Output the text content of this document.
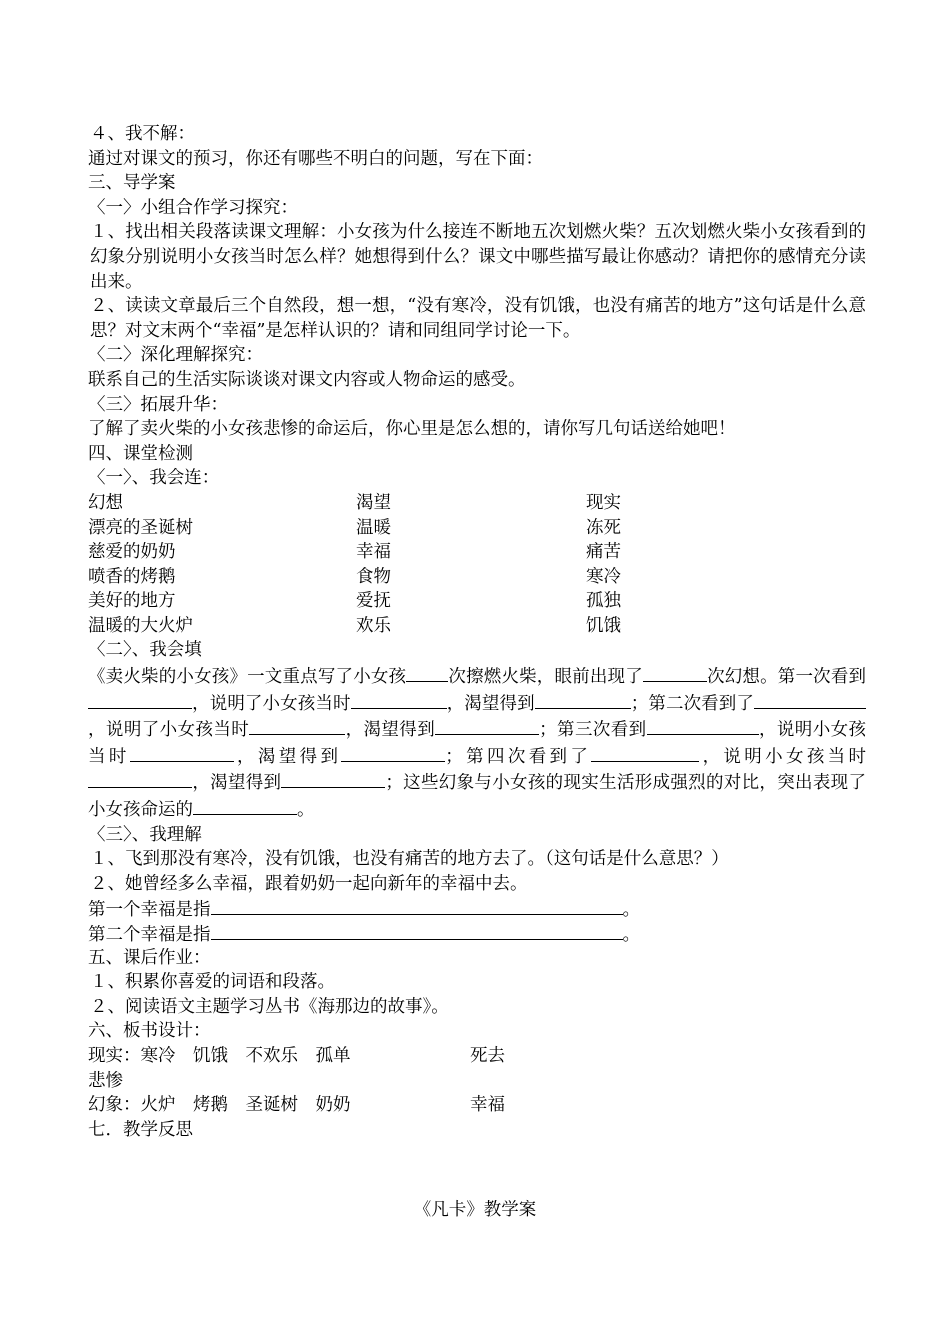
４、我不解：
通过对课文的预习，你还有哪些不明白的问题，写在下面：
三、导学案
〈一〉小组合作学习探究：
１、找出相关段落读课文理解：小女孩为什么接连不断地五次划燃火柴？五次划燃火柴小女孩看到的幻象分别说明小女孩当时怎么样？她想得到什么？课文中哪些描写最让你感动？请把你的感情充分读出来。
２、读读文章最后三个自然段，想一想，“没有寒冷，没有饥饿，也没有痛苦的地方”这句话是什么意思？对文末两个“幸福”是怎样认识的？请和同组同学讨论一下。
〈二〉深化理解探究：
联系自己的生活实际谈谈对课文内容或人物命运的感受。
〈三〉拓展升华：
了解了卖火柴的小女孩悲惨的命运后，你心里是怎么想的，请你写几句话送给她吧！
四、课堂检测
〈一〉、我会连：
幻想	渴望	现实
漂亮的圣诞树	温暖	冻死
慈爱的奶奶	幸福	痛苦
喷香的烤鹅	食物	寒冷
美好的地方	爱抚	孤独
温暖的大火炉	欢乐	饥饿
〈二〉、我会填
《卖火柴的小女孩》一文重点写了小女孩 次擦燃火柴，眼前出现了	次幻想。第一次看到，说明了小女孩当时	，渴望得到	；第二次看到了，说明了小女孩当时	，渴望得到	；第三次看到	，说明小女孩当时	，渴望得到	；第四次看到了	，说明小女孩当时，渴望得到	；这些幻象与小女孩的现实生活形成强烈的对比，突出表现了小女孩命运的	。
〈三〉、我理解
１、飞到那没有寒冷，没有饥饿，也没有痛苦的地方去了。（这句话是什么意思？）
２、她曾经多么幸福，跟着奶奶一起向新年的幸福中去。
第一个幸福是指	。
第二个幸福是指	。
五、课后作业：
１、积累你喜爱的词语和段落。
２、阅读语文主题学习丛书《海那边的故事》。
六、板书设计：
现实：寒冷　饥饿　不欢乐　孤单	死去
悲惨
幻象：火炉　烤鹅　圣诞树　奶奶	幸福
七．教学反思
《凡卡》教学案
